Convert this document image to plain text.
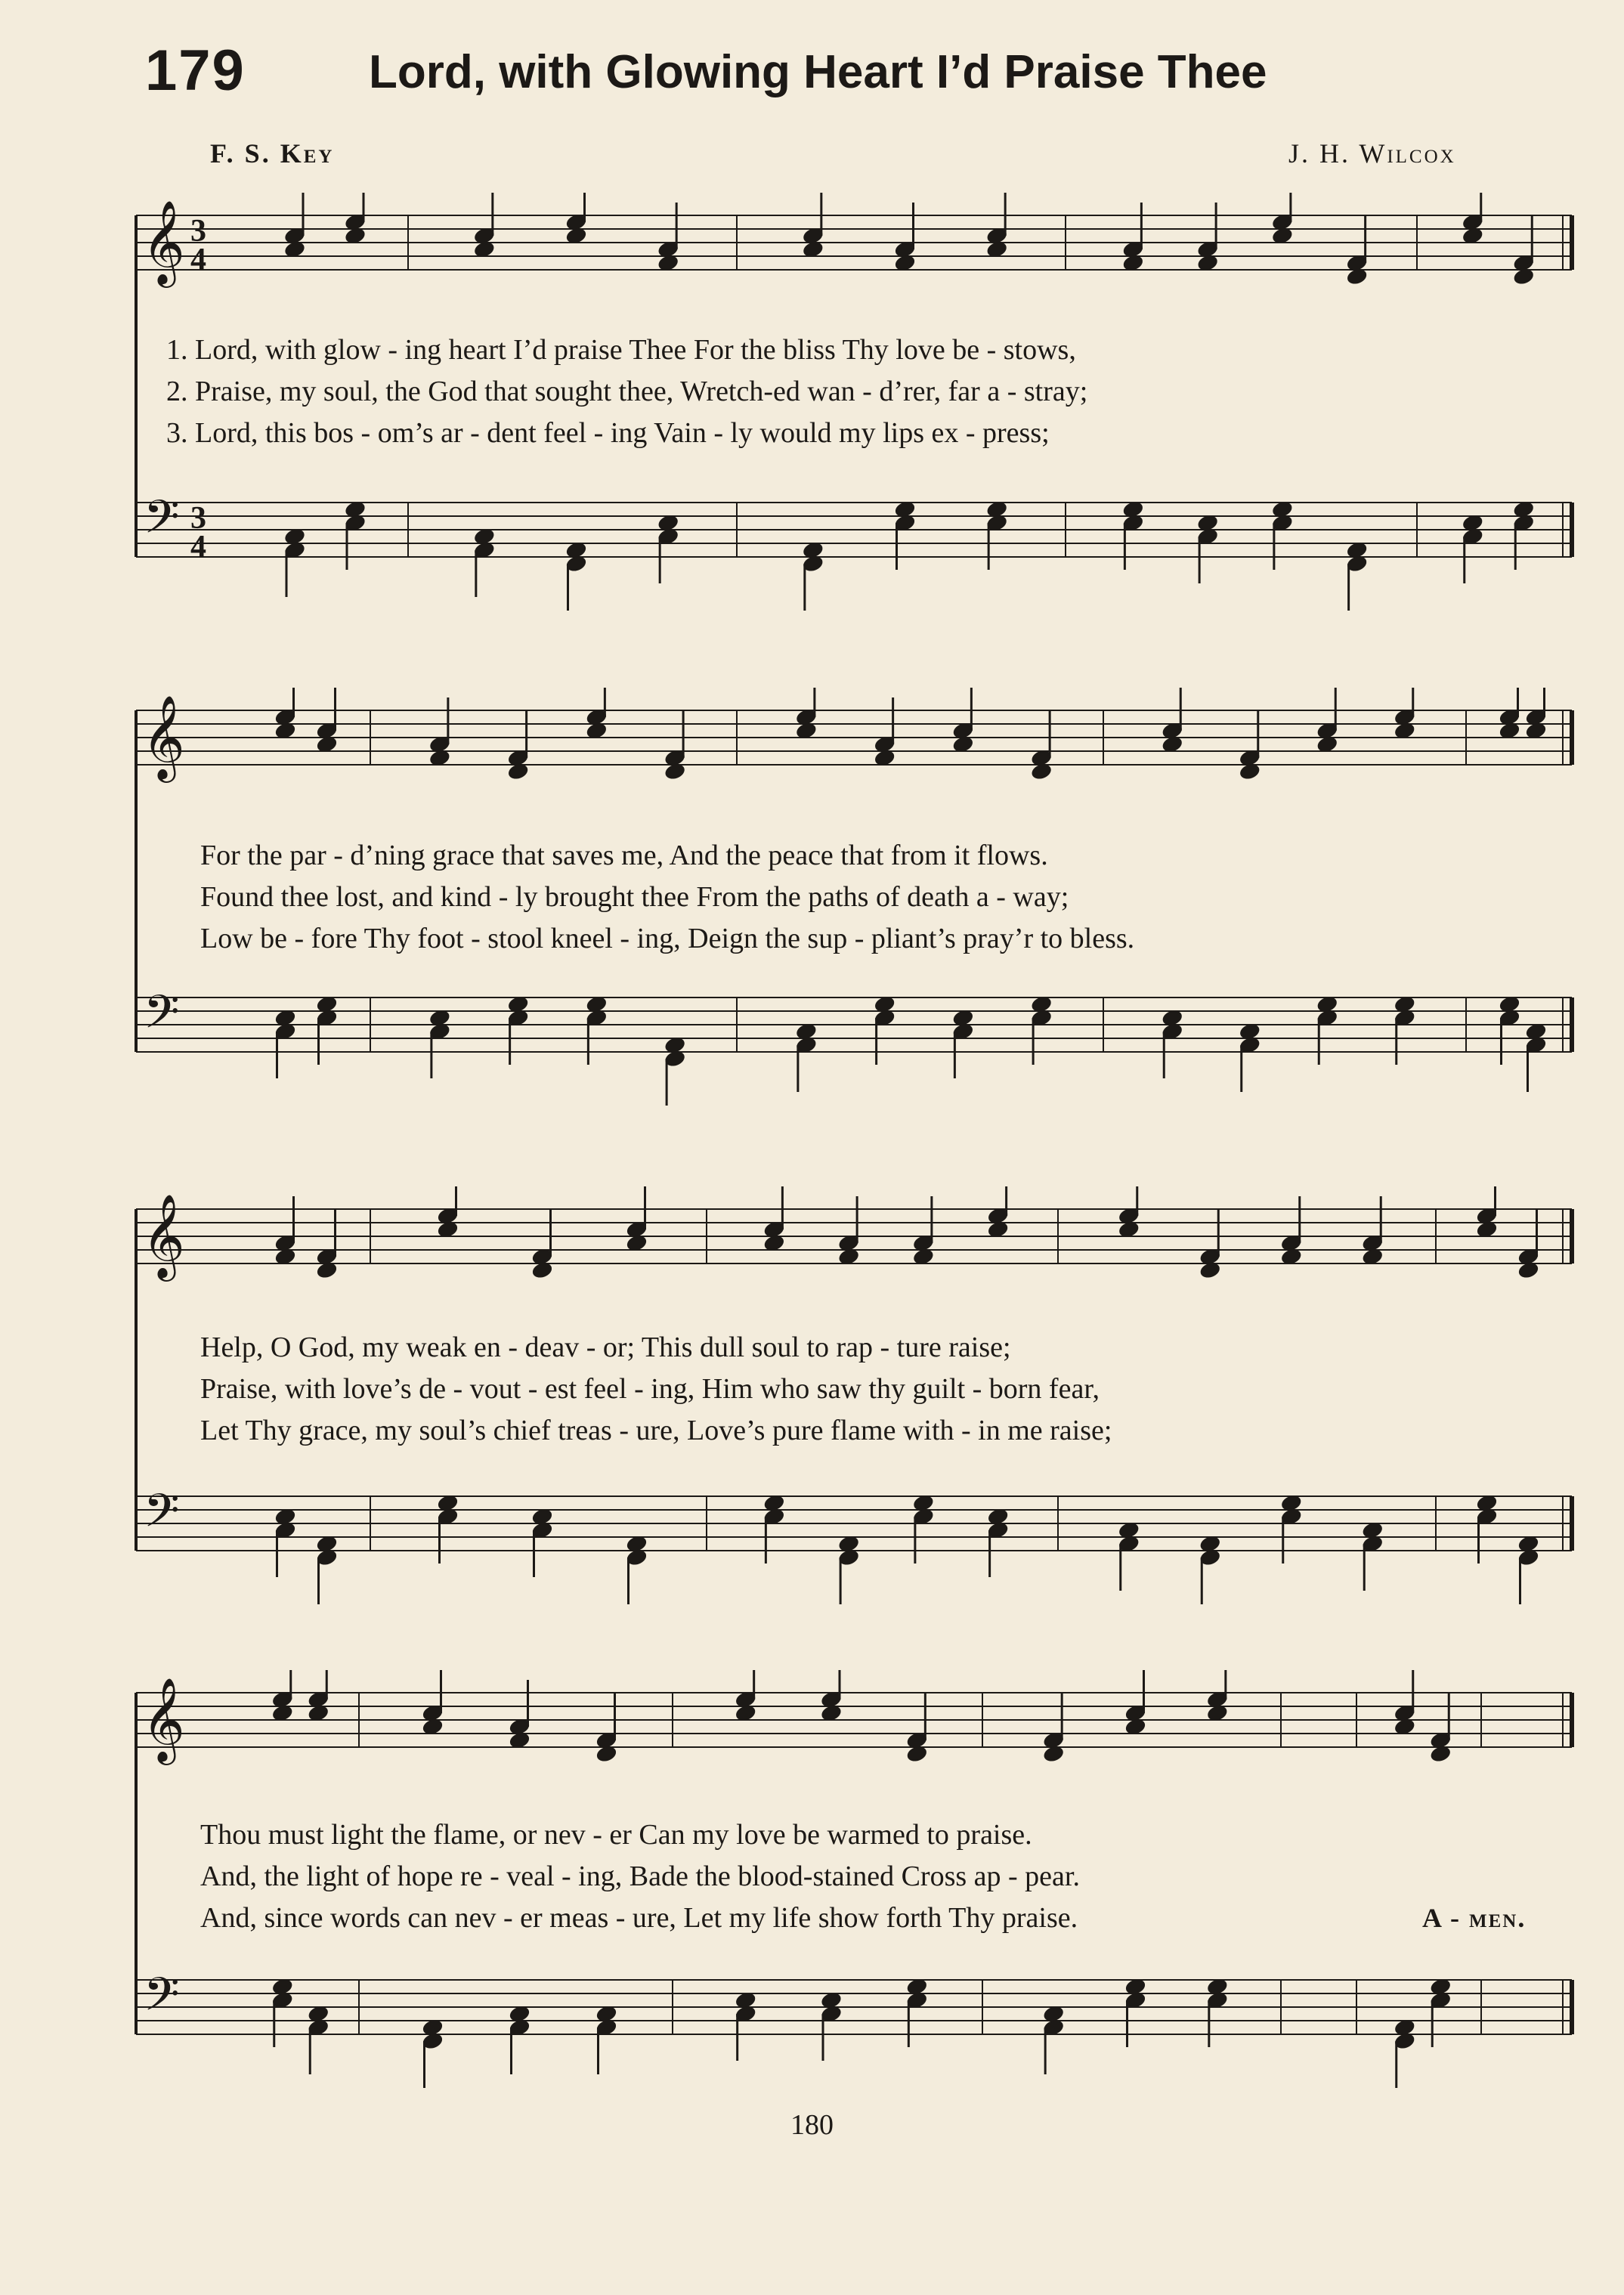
179	Lord, with Glowing Heart I’d Praise Thee
F. S. Key	J. H. Wilcox
𝄞
𝄢
3
4
3
4
1. Lord, with glow - ing heart I’d praise Thee For the bliss Thy love be - stows,
2. Praise, my soul, the God that sought thee, Wretch-ed wan - d’rer, far a - stray;
3. Lord, this bos - om’s ar - dent feel - ing Vain - ly would my lips ex - press;
𝄞
𝄢
For the par - d’ning grace that saves me, And the peace that from it flows.
Found thee lost, and kind - ly brought thee From the paths of death a - way;
Low be - fore Thy foot - stool kneel - ing, Deign the sup - pliant’s pray’r to bless.
𝄞
𝄢
Help, O God, my weak en - deav - or; This dull soul to rap - ture raise;
Praise, with love’s de - vout - est feel - ing, Him who saw thy guilt - born fear,
Let Thy grace, my soul’s chief treas - ure, Love’s pure flame with - in me raise;
𝄞
𝄢
Thou must light the flame, or nev - er Can my love be warmed to praise.
And, the light of hope re - veal - ing, Bade the blood-stained Cross ap - pear.
And, since words can nev - er meas - ure, Let my life show forth Thy praise.	A - men.
180
